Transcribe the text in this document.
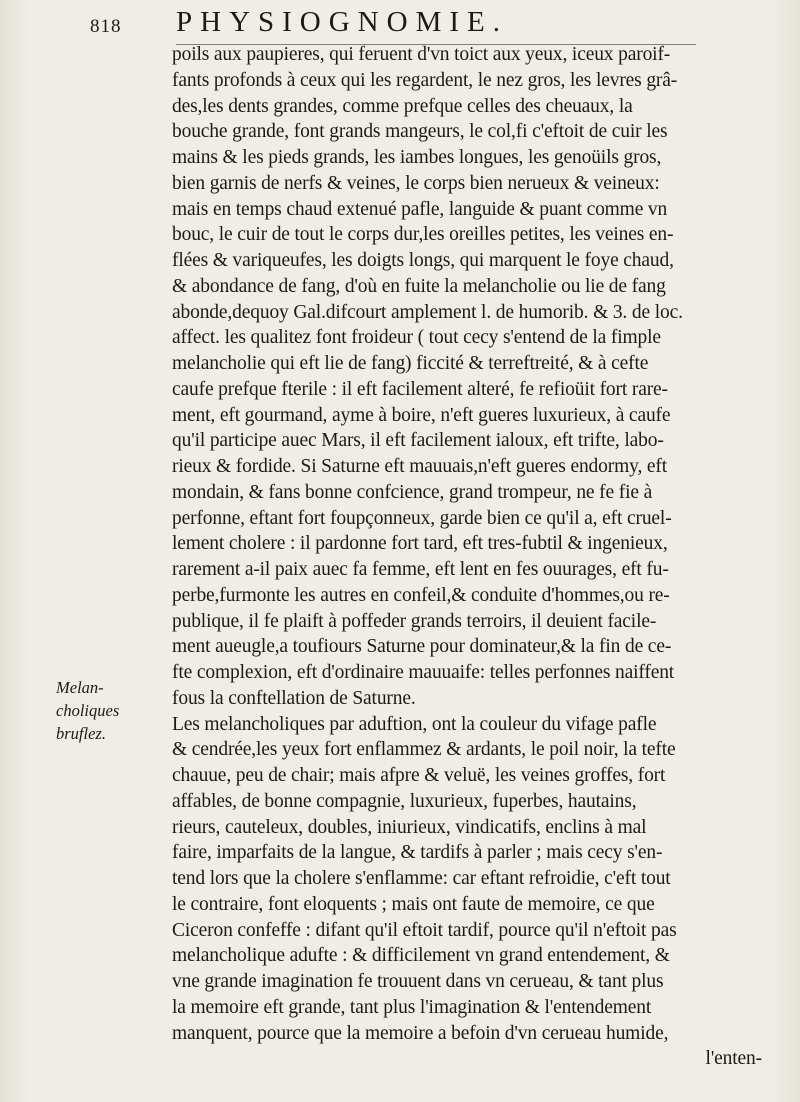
818 PHYSIOGNOMIE.
Melan-
choliques
bruflez.
poils aux paupieres, qui feruent d'vn toict aux yeux, iceux paroif-
fants profonds à ceux qui les regardent, le nez gros, les levres grâ-
des,les dents grandes, comme prefque celles des cheuaux, la
bouche grande, font grands mangeurs, le col,fi c'eftoit de cuir les
mains & les pieds grands, les iambes longues, les genoüils gros,
bien garnis de nerfs & veines, le corps bien nerueux & veineux:
mais en temps chaud extenué pafle, languide & puant comme vn
bouc, le cuir de tout le corps dur,les oreilles petites, les veines en-
flées & variqueufes, les doigts longs, qui marquent le foye chaud,
& abondance de fang, d'où en fuite la melancholie ou lie de fang
abonde,dequoy Gal.difcourt amplement l. de humorib. & 3. de loc.
affect. les qualitez font froideur ( tout cecy s'entend de la fimple
melancholie qui eft lie de fang) ficcité & terreftreité, & à cefte
caufe prefque fterile : il eft facilement alteré, fe refioüit fort rare-
ment, eft gourmand, ayme à boire, n'eft gueres luxurieux, à caufe
qu'il participe auec Mars, il eft facilement ialoux, eft trifte, labo-
rieux & fordide. Si Saturne eft mauuais,n'eft gueres endormy, eft
mondain, & fans bonne confcience, grand trompeur, ne fe fie à
perfonne, eftant fort foupçonneux, garde bien ce qu'il a, eft cruel-
lement cholere : il pardonne fort tard, eft tres-fubtil & ingenieux,
rarement a-il paix auec fa femme, eft lent en fes ouurages, eft fu-
perbe,furmonte les autres en confeil,& conduite d'hommes,ou re-
publique, il fe plaift à poffeder grands terroirs, il deuient facile-
ment aueugle,a toufiours Saturne pour dominateur,& la fin de ce-
fte complexion, eft d'ordinaire mauuaife: telles perfonnes naiffent
fous la conftellation de Saturne.
Les melancholiques par aduftion, ont la couleur du vifage pafle
& cendrée,les yeux fort enflammez & ardants, le poil noir, la tefte
chauue, peu de chair; mais afpre & veluë, les veines groffes, fort
affables, de bonne compagnie, luxurieux, fuperbes, hautains,
rieurs, cauteleux, doubles, iniurieux, vindicatifs, enclins à mal
faire, imparfaits de la langue, & tardifs à parler ; mais cecy s'en-
tend lors que la cholere s'enflamme: car eftant refroidie, c'eft tout
le contraire, font eloquents ; mais ont faute de memoire, ce que
Ciceron confeffe : difant qu'il eftoit tardif, pource qu'il n'eftoit pas
melancholique adufte : & difficilement vn grand entendement, &
vne grande imagination fe trouuent dans vn cerueau, & tant plus
la memoire eft grande, tant plus l'imagination & l'entendement
manquent, pource que la memoire a befoin d'vn cerueau humide,
l'enten-
